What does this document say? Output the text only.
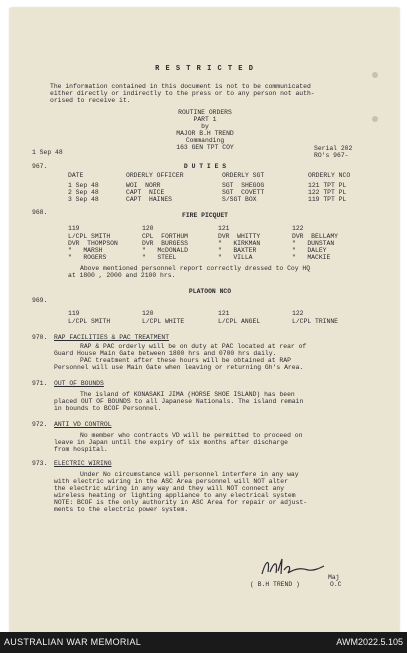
R E S T R I C T E D
The information contained in this document is not to be communicated
either directly or indirectly to the press or to any person not auth-
orised to receive it.
ROUTINE ORDERS
PART 1
by
MAJOR B.H TREND
Commanding
163 GEN TPT COY
1 Sep 48
Serial 202
RO's 967-
967.	D U T I E S
DATE	ORDERLY OFFICER	ORDERLY SGT	ORDERLY NCO
1 Sep 48	WOI  NORR	SGT  SHEGOG	121 TPT PL
2 Sep 48	CAPT  NICE	SGT  COVETT	122 TPT PL
3 Sep 48	CAPT  HAINES	S/SGT BOX	119 TPT PL
968.	FIRE PICQUET
119	120	121	122
L/CPL SMITH	CPL  FORTHUM	DVR  WHITTY	DVR  BELLAMY
DVR  THOMPSON	DVR  BURGESS	"   KIRKMAN	"   DUNSTAN
"   MARSH	"   McDONALD	"   BAXTER	"   DALEY
"   ROGERS	"   STEEL	"   VILLA	"   MACKIE
Above mentioned personnel report correctly dressed to Coy HQ
at 1800 , 2000 and 2100 hrs.
969.
PLATOON NCO
119	120	121	122
L/CPL SMITH	L/CPL WHITE	L/CPL ANGEL	L/CPL TRINNE
970. RAP FACILITIES & PAC TREATMENT
RAP & PAC orderly will be on duty at PAC located at rear of
Guard House Main Gate between 1800 hrs and 0700 hrs daily.
PAC treatment after these hours will be obtained at RAP
Personnel will use Main Gate when leaving or returning Gh's Area.
971. OUT OF BOUNDS
The island of KONASAKI JIMA (HORSE SHOE ISLAND) has been
placed OUT OF BOUNDS to all Japanese Nationals. The island remain
in bounds to BCOF Personnel.
972. ANTI VD CONTROL
No member who contracts VD will be permitted to proceed on
leave in Japan until the expiry of six months after discharge
from hospital.
973. ELECTRIC WIRING
Under No circumstance will personnel interfere in any way
with electric wiring in the ASC Area personnel will NOT alter
the electric wiring in any way and they will NOT connect any
wireless heating or lighting appliance to any electrical system
NOTE: BCOF is the only authority in ASC Area for repair or adjust-
ments to the electric power system.
Maj
( B.H TREND )	O.C
AUSTRALIAN WAR MEMORIAL	AWM2022.5.105
